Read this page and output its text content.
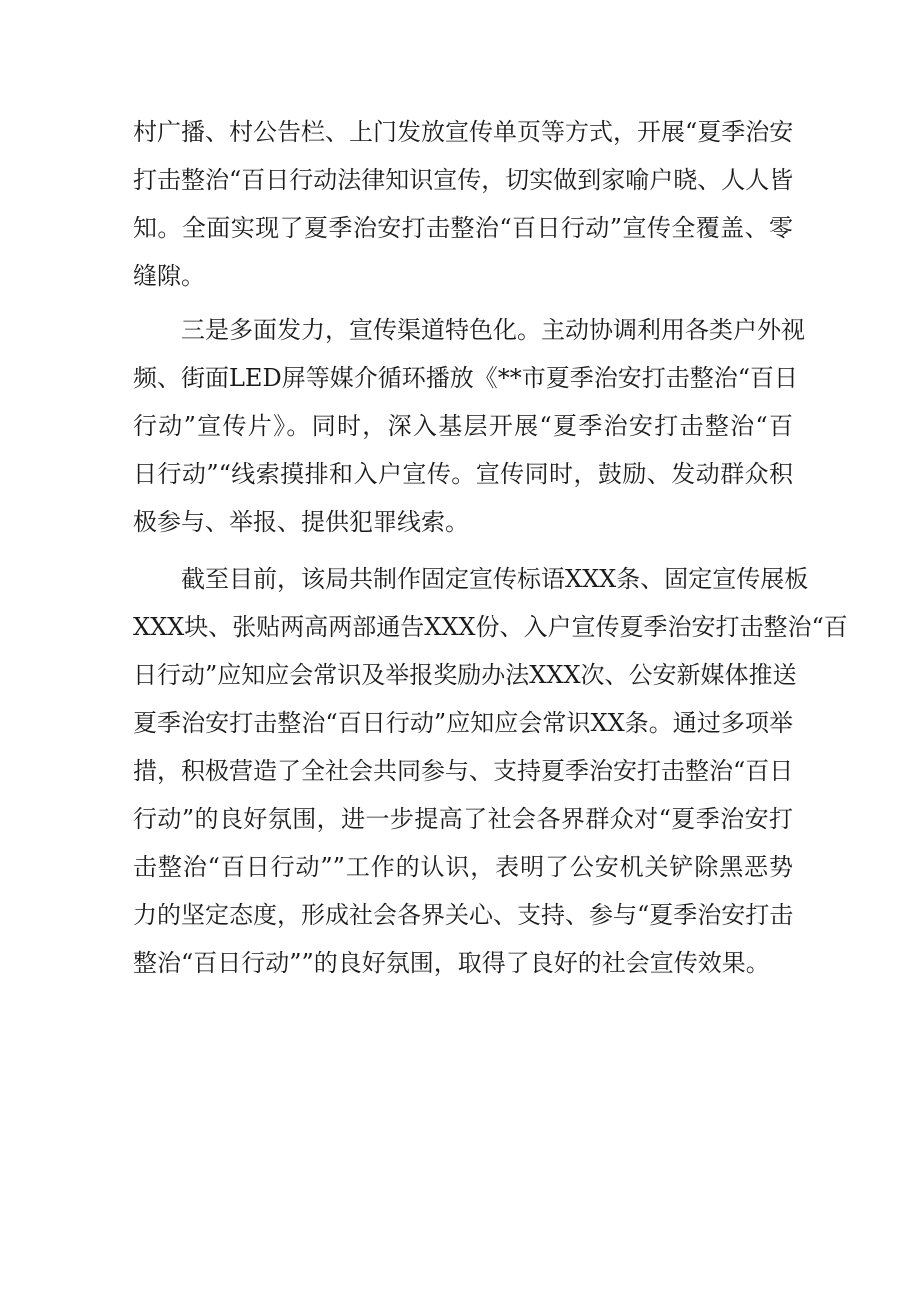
村广播、村公告栏、上门发放宣传单页等方式，开展“夏季治安

打击整治“百日行动法律知识宣传，切实做到家喻户晓、人人皆

知。全面实现了夏季治安打击整治“百日行动”宣传全覆盖、零

缝隙。

三是多面发力，宣传渠道特色化。主动协调利用各类户外视

频、街面LED屏等媒介循环播放《**市夏季治安打击整治“百日

行动”宣传片》。同时，深入基层开展“夏季治安打击整治“百

日行动”“线索摸排和入户宣传。宣传同时，鼓励、发动群众积

极参与、举报、提供犯罪线索。

截至目前，该局共制作固定宣传标语XXX条、固定宣传展板

XXX块、张贴两高两部通告XXX份、入户宣传夏季治安打击整治“百

日行动”应知应会常识及举报奖励办法XXX次、公安新媒体推送

夏季治安打击整治“百日行动”应知应会常识XX条。通过多项举

措，积极营造了全社会共同参与、支持夏季治安打击整治“百日

行动”的良好氛围，进一步提高了社会各界群众对“夏季治安打

击整治“百日行动””工作的认识，表明了公安机关铲除黑恶势

力的坚定态度，形成社会各界关心、支持、参与“夏季治安打击

整治“百日行动””的良好氛围，取得了良好的社会宣传效果。
